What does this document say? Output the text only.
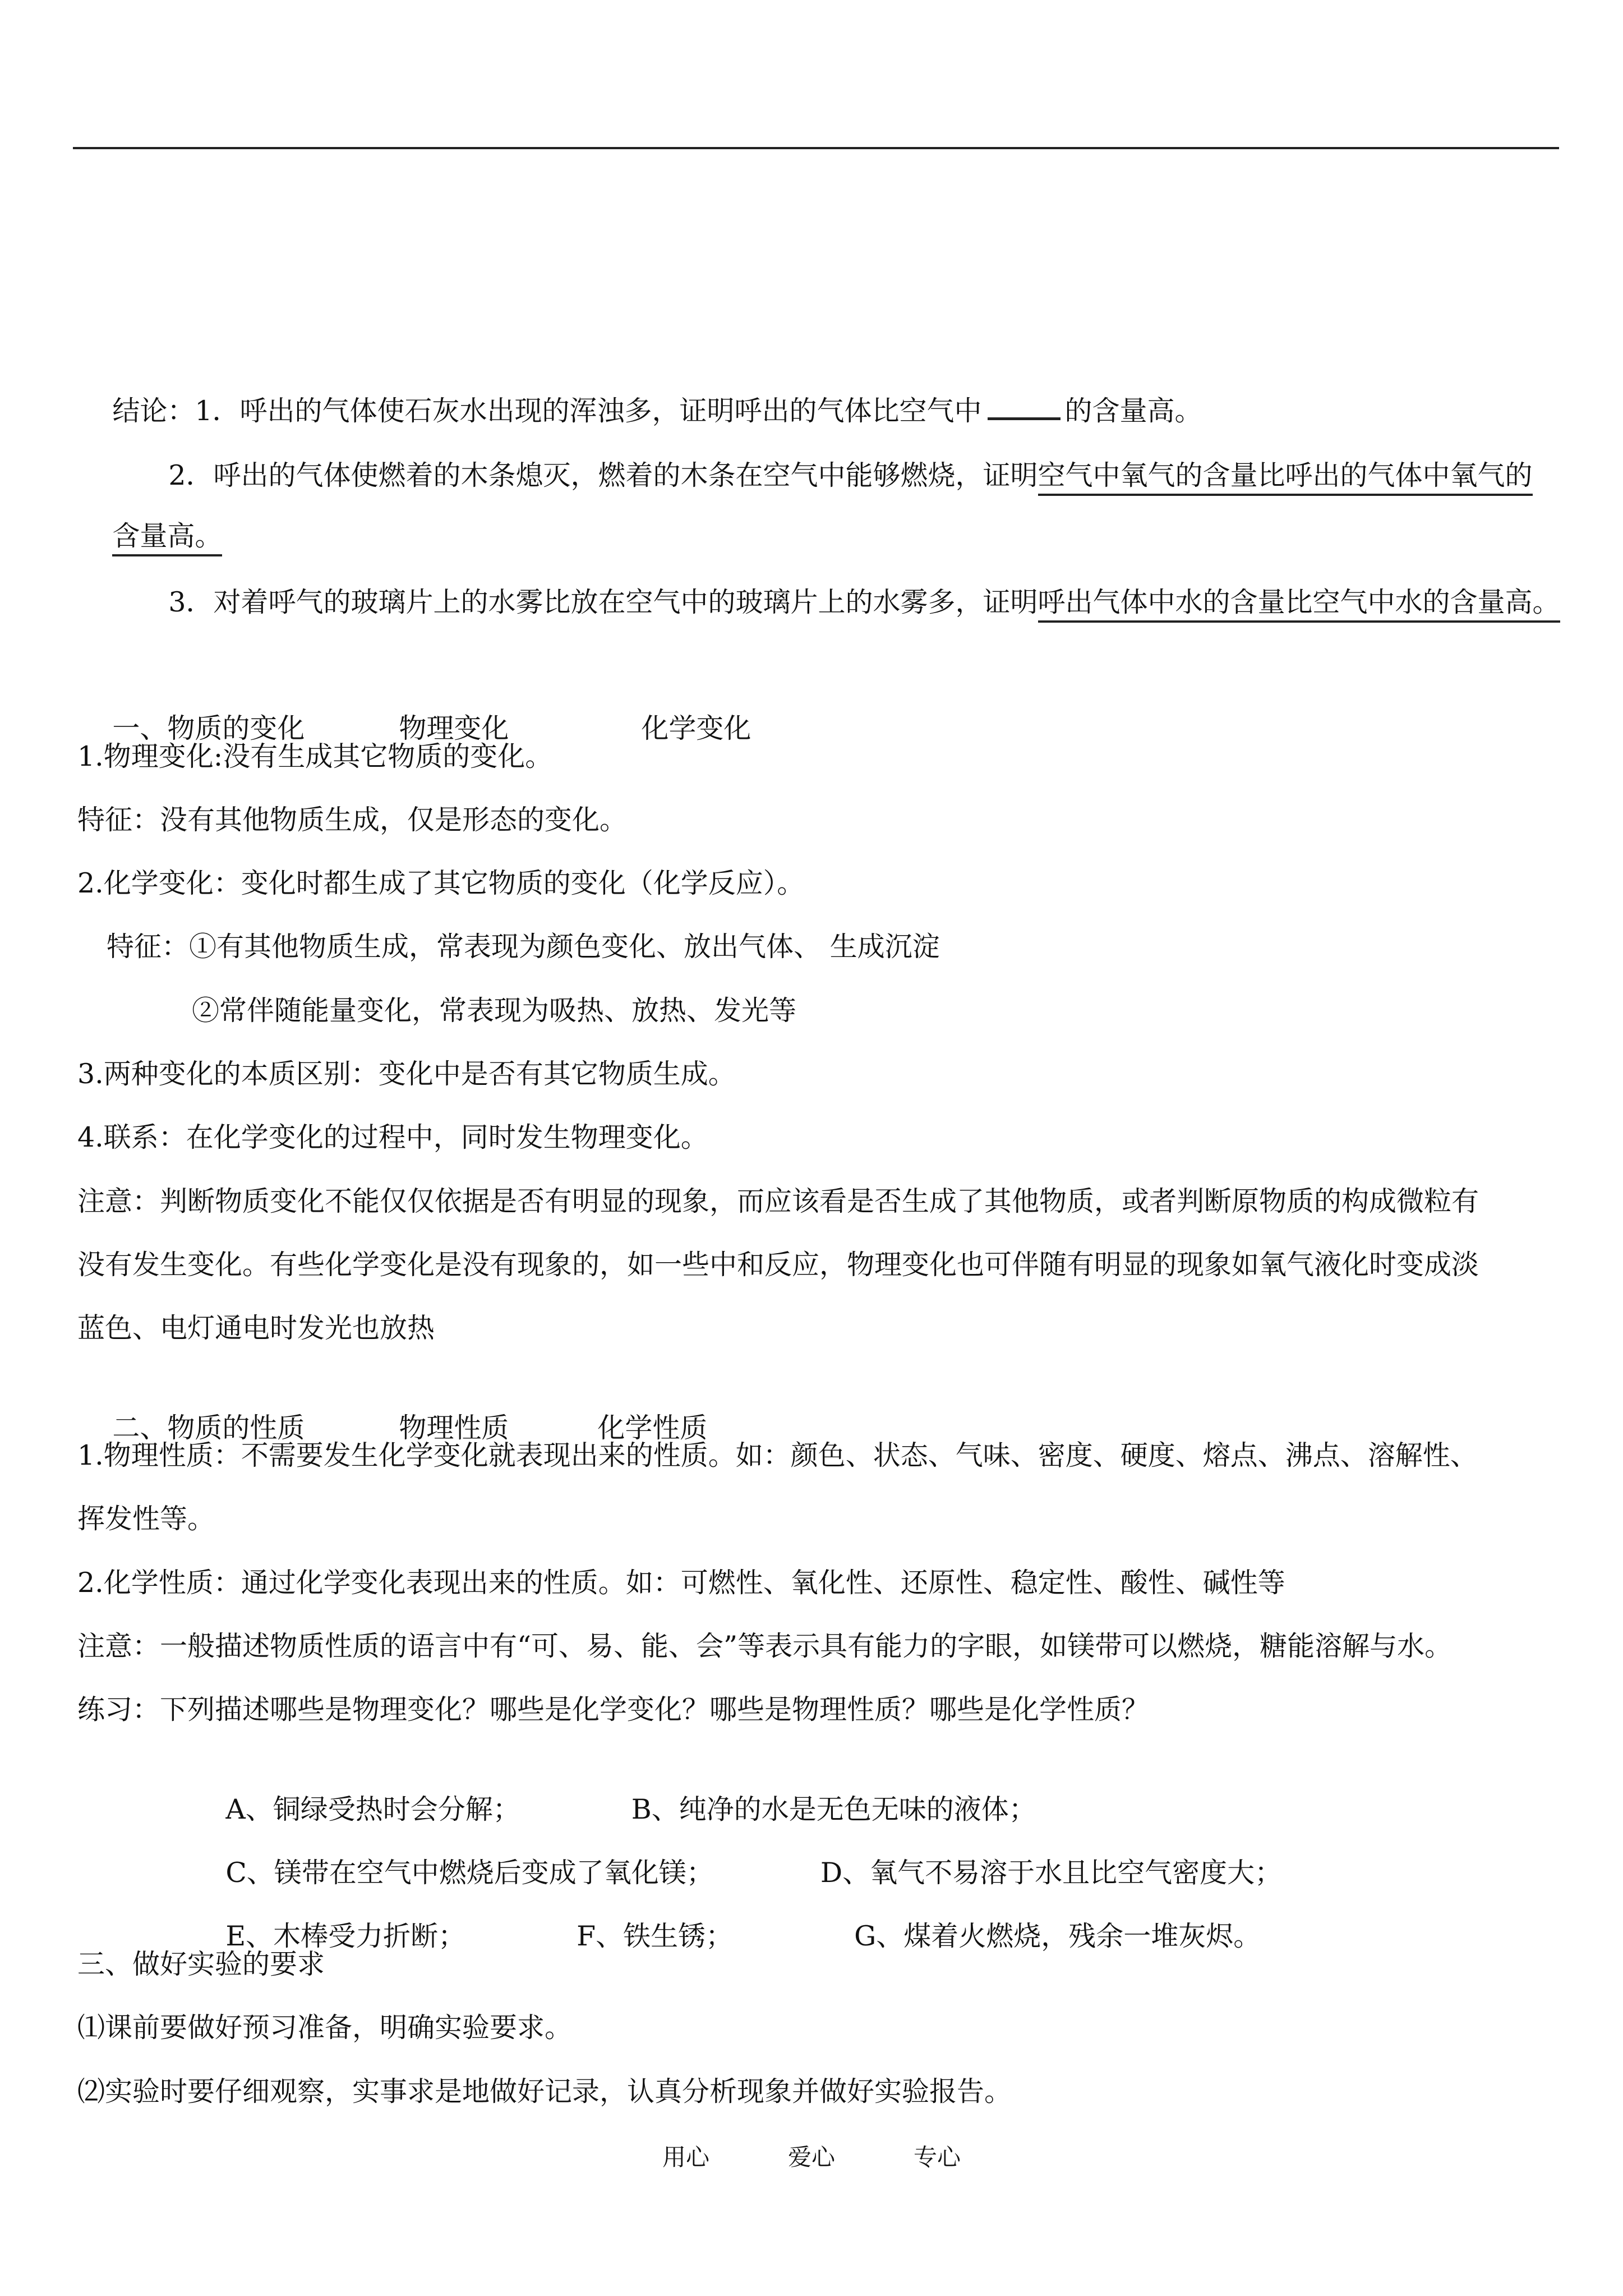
结论：1．呼出的气体使石灰水出现的浑浊多，证明呼出的气体比空气中	的含量高。

2．呼出的气体使燃着的木条熄灭，燃着的木条在空气中能够燃烧，证明空气中氧气的含量比呼出的气体中氧气的

含量高。

3．对着呼气的玻璃片上的水雾比放在空气中的玻璃片上的水雾多，证明呼出气体中水的含量比空气中水的含量高。

一、物质的变化	物理变化	化学变化

1.物理变化:没有生成其它物质的变化。
特征：没有其他物质生成，仅是形态的变化。
2.化学变化：变化时都生成了其它物质的变化（化学反应）。
特征：①有其他物质生成，常表现为颜色变化、放出气体、 生成沉淀
②常伴随能量变化，常表现为吸热、放热、发光等
3.两种变化的本质区别：变化中是否有其它物质生成。
4.联系：在化学变化的过程中，同时发生物理变化。
注意：判断物质变化不能仅仅依据是否有明显的现象，而应该看是否生成了其他物质，或者判断原物质的构成微粒有
没有发生变化。有些化学变化是没有现象的，如一些中和反应，物理变化也可伴随有明显的现象如氧气液化时变成淡
蓝色、电灯通电时发光也放热

二、物质的性质	物理性质	化学性质

1.物理性质：不需要发生化学变化就表现出来的性质。如：颜色、状态、气味、密度、硬度、熔点、沸点、溶解性、
挥发性等。
2.化学性质：通过化学变化表现出来的性质。如：可燃性、氧化性、还原性、稳定性、酸性、碱性等
注意：一般描述物质性质的语言中有“可、易、能、会”等表示具有能力的字眼，如镁带可以燃烧，糖能溶解与水。
练习：下列描述哪些是物理变化？哪些是化学变化？哪些是物理性质？哪些是化学性质？

A、铜绿受热时会分解；	B、纯净的水是无色无味的液体；

C、镁带在空气中燃烧后变成了氧化镁；	D、氧气不易溶于水且比空气密度大；

E、木棒受力折断；	F、铁生锈；	G、煤着火燃烧，残余一堆灰烬。

三、做好实验的要求
⑴课前要做好预习准备，明确实验要求。
⑵实验时要仔细观察，实事求是地做好记录，认真分析现象并做好实验报告。
用心	爱心	专心
